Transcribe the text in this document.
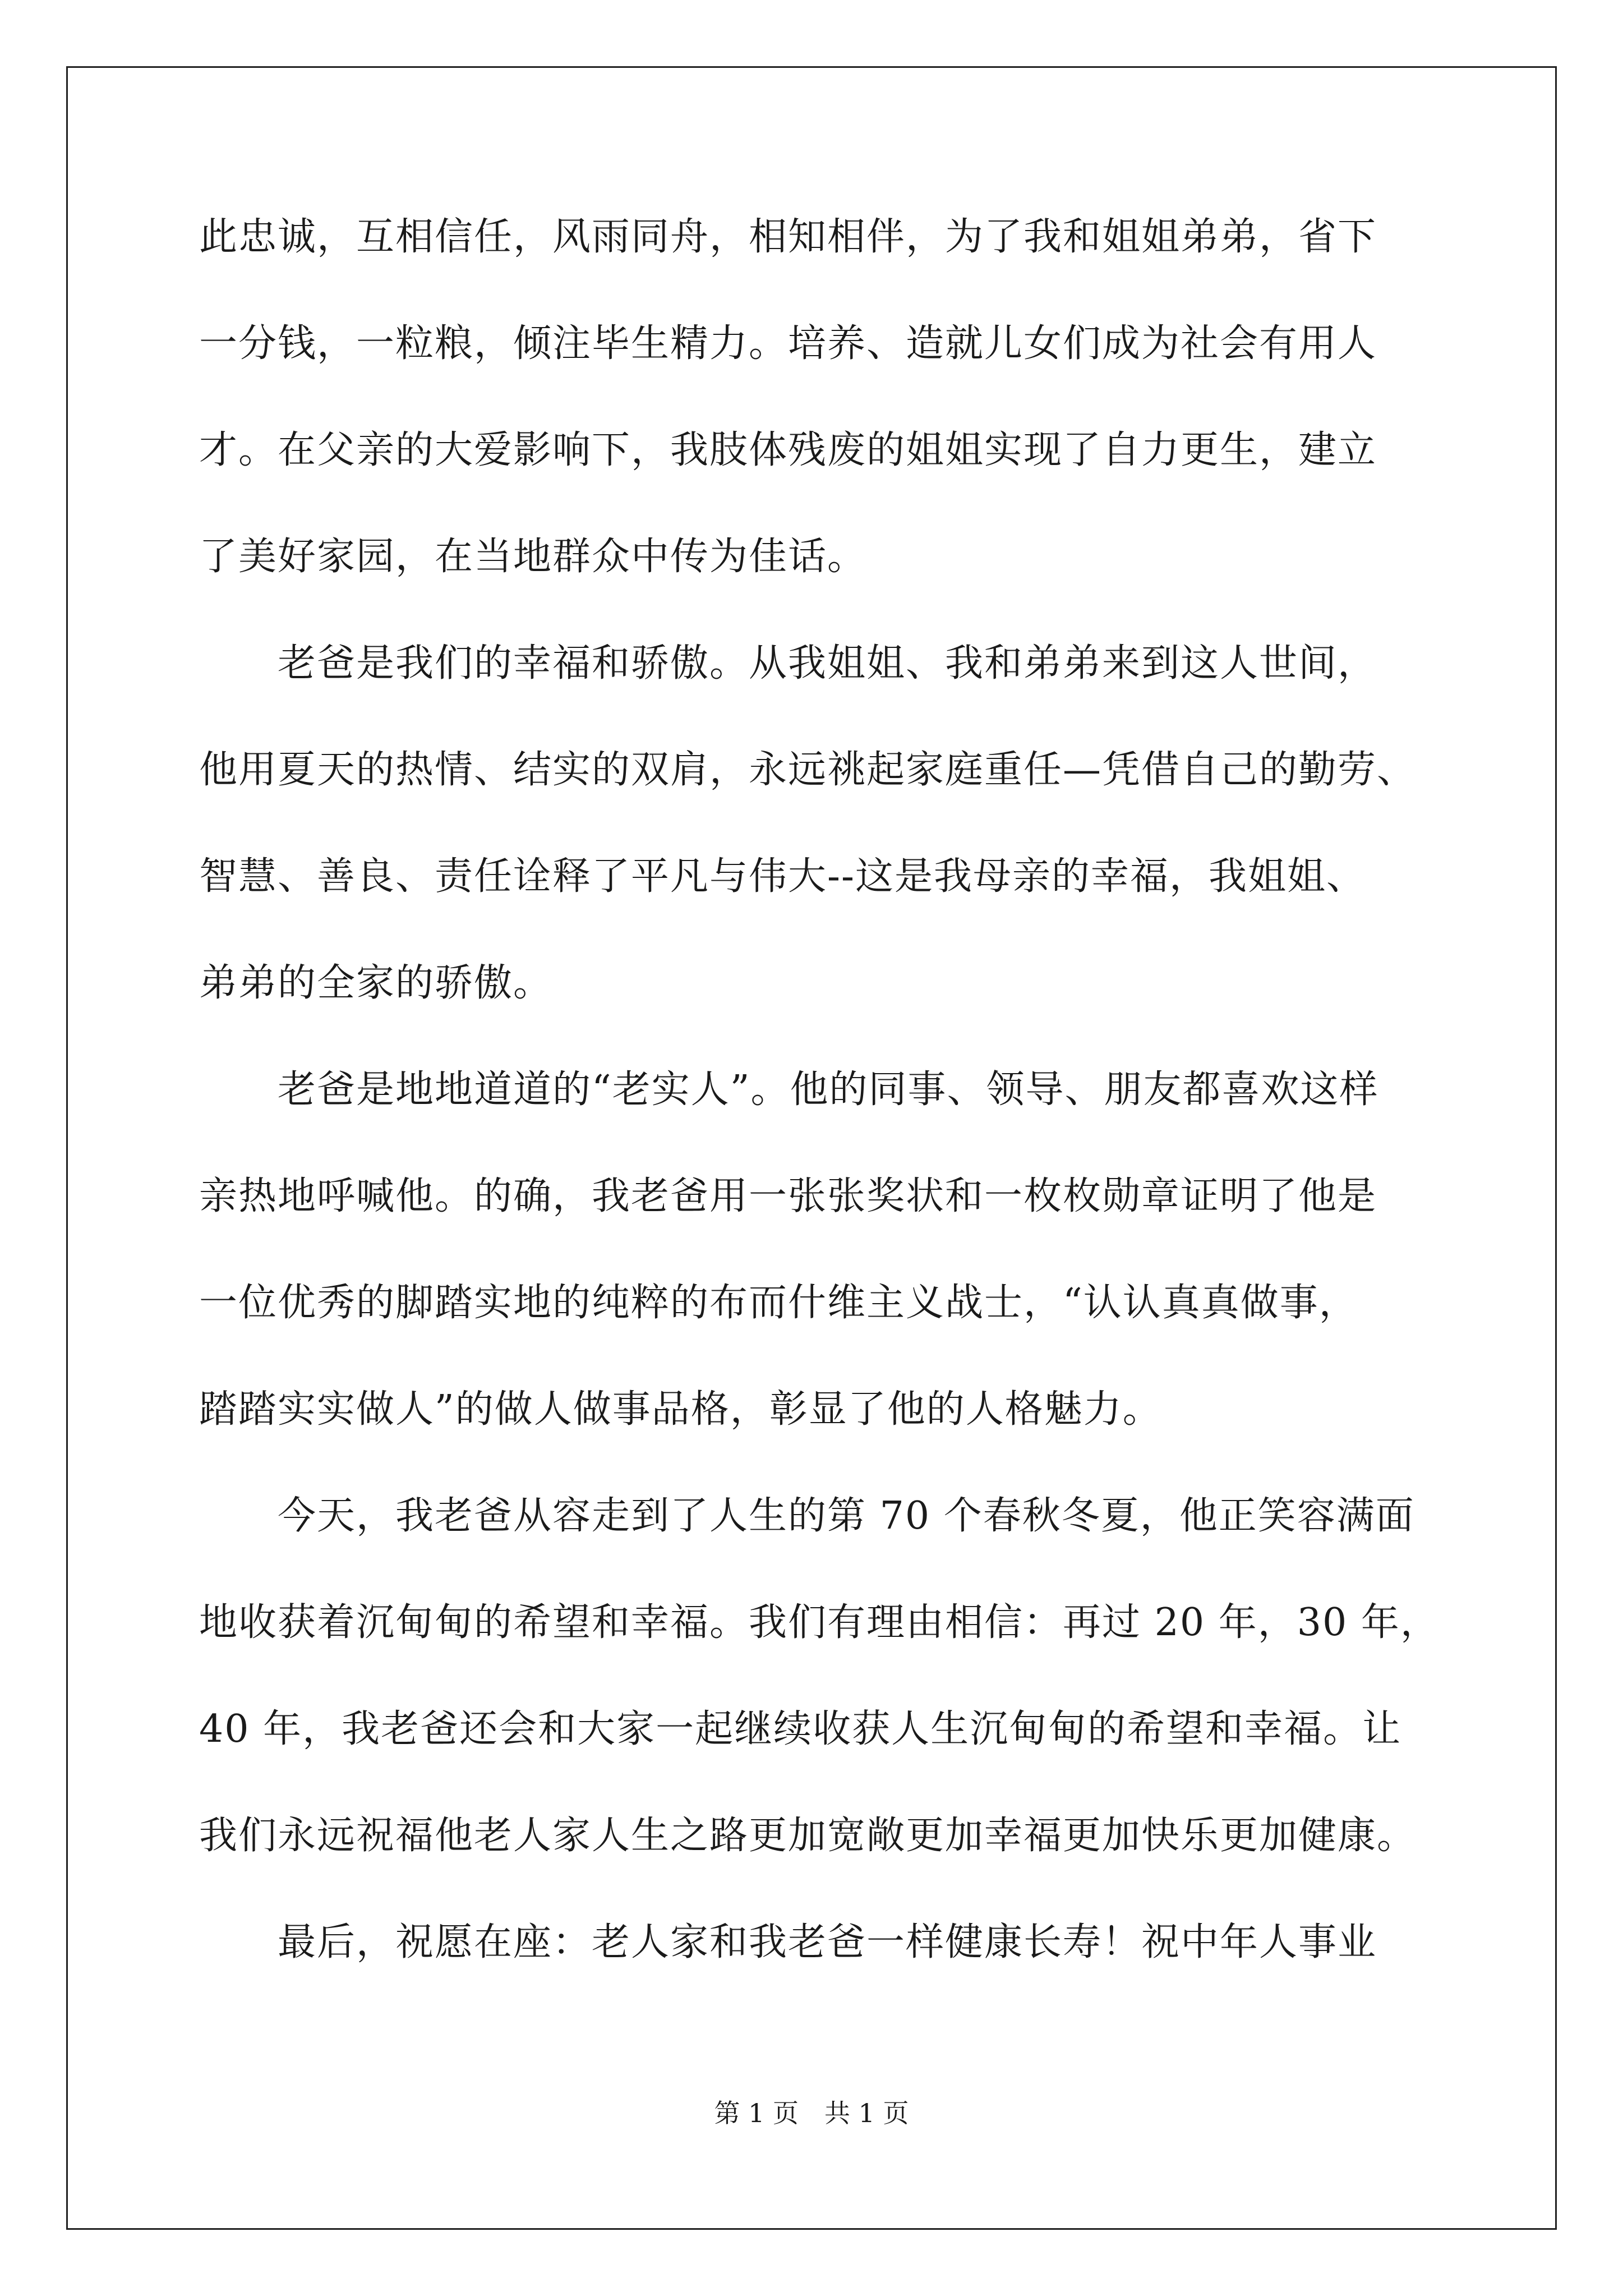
此忠诚，互相信任，风雨同舟，相知相伴，为了我和姐姐弟弟，省下
一分钱，一粒粮，倾注毕生精力。培养、造就儿女们成为社会有用人
才。在父亲的大爱影响下，我肢体残废的姐姐实现了自力更生，建立
了美好家园，在当地群众中传为佳话。
　　老爸是我们的幸福和骄傲。从我姐姐、我和弟弟来到这人世间，
他用夏天的热情、结实的双肩，永远祧起家庭重任—凭借自己的勤劳、
智慧、善良、责任诠释了平凡与伟大--这是我母亲的幸福，我姐姐、
弟弟的全家的骄傲。
　　老爸是地地道道的“老实人”。他的同事、领导、朋友都喜欢这样
亲热地呼喊他。的确，我老爸用一张张奖状和一枚枚勋章证明了他是
一位优秀的脚踏实地的纯粹的布而什维主义战士，“认认真真做事，
踏踏实实做人”的做人做事品格，彰显了他的人格魅力。
　　今天，我老爸从容走到了人生的第 70 个春秋冬夏，他正笑容满面
地收获着沉甸甸的希望和幸福。我们有理由相信：再过 20 年，30 年，
40 年，我老爸还会和大家一起继续收获人生沉甸甸的希望和幸福。让
我们永远祝福他老人家人生之路更加宽敞更加幸福更加快乐更加健康。
　　最后，祝愿在座：老人家和我老爸一样健康长寿！祝中年人事业
第 1 页　共 1 页
